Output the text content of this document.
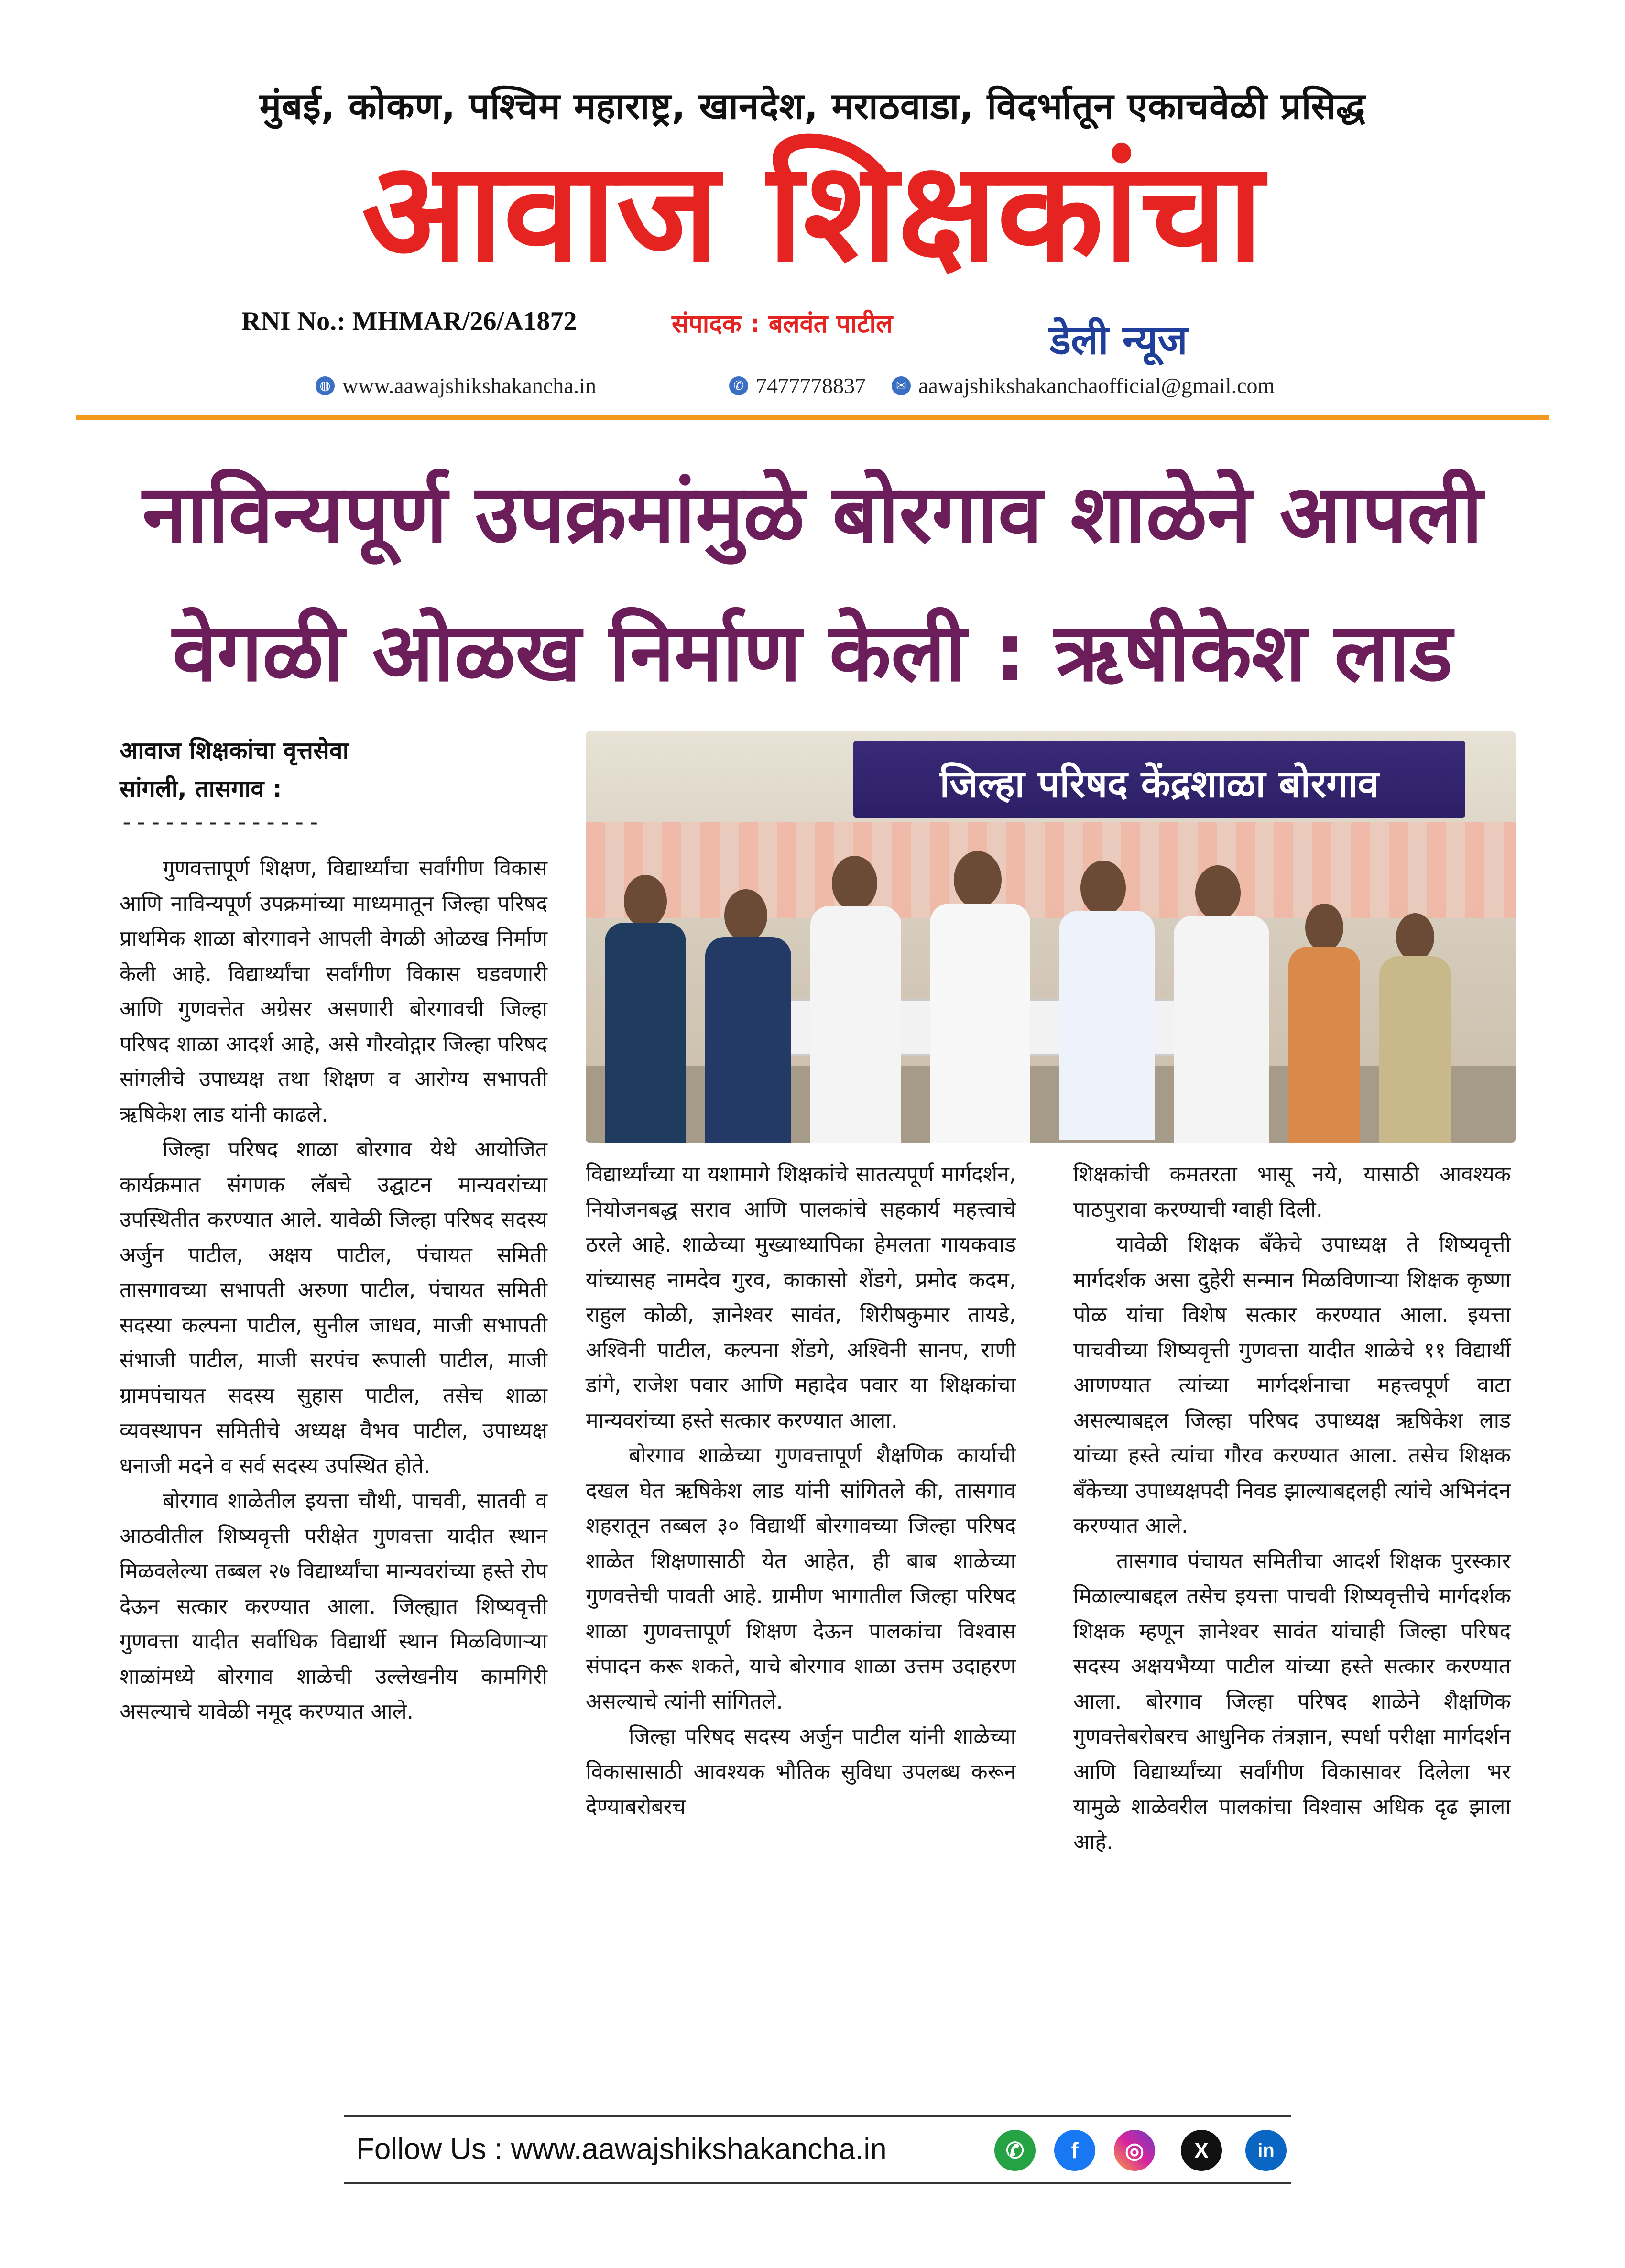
मुंबई, कोकण, पश्चिम महाराष्ट्र, खानदेश, मराठवाडा, विदर्भातून एकाचवेळी प्रसिद्ध
आवाज शिक्षकांचा
RNI No.: MHMAR/26/A1872	संपादक : बलवंत पाटील	डेली न्यूज
◍ www.aawajshikshakancha.in	✆ 7477778837	✉ aawajshikshakanchaofficial@gmail.com
नाविन्यपूर्ण उपक्रमांमुळे बोरगाव शाळेने आपली
वेगळी ओळख निर्माण केली : ऋषीकेश लाड
आवाज शिक्षकांचा वृत्तसेवा
सांगली, तासगाव :
--------------
जिल्हा परिषद केंद्रशाळा बोरगाव

गुणवत्तापूर्ण शिक्षण, विद्यार्थ्यांचा सर्वांगीण विकास आणि नाविन्यपूर्ण उपक्रमांच्या माध्यमातून जिल्हा परिषद प्राथमिक शाळा बोरगावने आपली वेगळी ओळख निर्माण केली आहे. विद्यार्थ्यांचा सर्वांगीण विकास घडवणारी आणि गुणवत्तेत अग्रेसर असणारी बोरगावची जिल्हा परिषद शाळा आदर्श आहे, असे गौरवोद्गार जिल्हा परिषद सांगलीचे उपाध्यक्ष तथा शिक्षण व आरोग्य सभापती ऋषिकेश लाड यांनी काढले.

जिल्हा परिषद शाळा बोरगाव येथे आयोजित कार्यक्रमात संगणक लॅबचे उद्घाटन मान्यवरांच्या उपस्थितीत करण्यात आले. यावेळी जिल्हा परिषद सदस्य अर्जुन पाटील, अक्षय पाटील, पंचायत समिती तासगावच्या सभापती अरुणा पाटील, पंचायत समिती सदस्या कल्पना पाटील, सुनील जाधव, माजी सभापती संभाजी पाटील, माजी सरपंच रूपाली पाटील, माजी ग्रामपंचायत सदस्य सुहास पाटील, तसेच शाळा व्यवस्थापन समितीचे अध्यक्ष वैभव पाटील, उपाध्यक्ष धनाजी मदने व सर्व सदस्य उपस्थित होते.

बोरगाव शाळेतील इयत्ता चौथी, पाचवी, सातवी व आठवीतील शिष्यवृत्ती परीक्षेत गुणवत्ता यादीत स्थान मिळवलेल्या तब्बल २७ विद्यार्थ्यांचा मान्यवरांच्या हस्ते रोप देऊन सत्कार करण्यात आला. जिल्ह्यात शिष्यवृत्ती गुणवत्ता यादीत सर्वाधिक विद्यार्थी स्थान मिळविणाऱ्या शाळांमध्ये बोरगाव शाळेची उल्लेखनीय कामगिरी असल्याचे यावेळी नमूद करण्यात आले.

विद्यार्थ्यांच्या या यशामागे शिक्षकांचे सातत्यपूर्ण मार्गदर्शन, नियोजनबद्ध सराव आणि पालकांचे सहकार्य महत्त्वाचे ठरले आहे. शाळेच्या मुख्याध्यापिका हेमलता गायकवाड यांच्यासह नामदेव गुरव, काकासो शेंडगे, प्रमोद कदम, राहुल कोळी, ज्ञानेश्वर सावंत, शिरीषकुमार तायडे, अश्विनी पाटील, कल्पना शेंडगे, अश्विनी सानप, राणी डांगे, राजेश पवार आणि महादेव पवार या शिक्षकांचा मान्यवरांच्या हस्ते सत्कार करण्यात आला.

बोरगाव शाळेच्या गुणवत्तापूर्ण शैक्षणिक कार्याची दखल घेत ऋषिकेश लाड यांनी सांगितले की, तासगाव शहरातून तब्बल ३० विद्यार्थी बोरगावच्या जिल्हा परिषद शाळेत शिक्षणासाठी येत आहेत, ही बाब शाळेच्या गुणवत्तेची पावती आहे. ग्रामीण भागातील जिल्हा परिषद शाळा गुणवत्तापूर्ण शिक्षण देऊन पालकांचा विश्वास संपादन करू शकते, याचे बोरगाव शाळा उत्तम उदाहरण असल्याचे त्यांनी सांगितले.

जिल्हा परिषद सदस्य अर्जुन पाटील यांनी शाळेच्या विकासासाठी आवश्यक भौतिक सुविधा उपलब्ध करून देण्याबरोबरच

शिक्षकांची कमतरता भासू नये, यासाठी आवश्यक पाठपुरावा करण्याची ग्वाही दिली.

यावेळी शिक्षक बँकेचे उपाध्यक्ष ते शिष्यवृत्ती मार्गदर्शक असा दुहेरी सन्मान मिळविणाऱ्या शिक्षक कृष्णा पोळ यांचा विशेष सत्कार करण्यात आला. इयत्ता पाचवीच्या शिष्यवृत्ती गुणवत्ता यादीत शाळेचे ११ विद्यार्थी आणण्यात त्यांच्या मार्गदर्शनाचा महत्त्वपूर्ण वाटा असल्याबद्दल जिल्हा परिषद उपाध्यक्ष ऋषिकेश लाड यांच्या हस्ते त्यांचा गौरव करण्यात आला. तसेच शिक्षक बँकेच्या उपाध्यक्षपदी निवड झाल्याबद्दलही त्यांचे अभिनंदन करण्यात आले.

तासगाव पंचायत समितीचा आदर्श शिक्षक पुरस्कार मिळाल्याबद्दल तसेच इयत्ता पाचवी शिष्यवृत्तीचे मार्गदर्शक शिक्षक म्हणून ज्ञानेश्वर सावंत यांचाही जिल्हा परिषद सदस्य अक्षयभैय्या पाटील यांच्या हस्ते सत्कार करण्यात आला. बोरगाव जिल्हा परिषद शाळेने शैक्षणिक गुणवत्तेबरोबरच आधुनिक तंत्रज्ञान, स्पर्धा परीक्षा मार्गदर्शन आणि विद्यार्थ्यांच्या सर्वांगीण विकासावर दिलेला भर यामुळे शाळेवरील पालकांचा विश्वास अधिक दृढ झाला आहे.

Follow Us : www.aawajshikshakancha.in	✆	f	◎	X	in
